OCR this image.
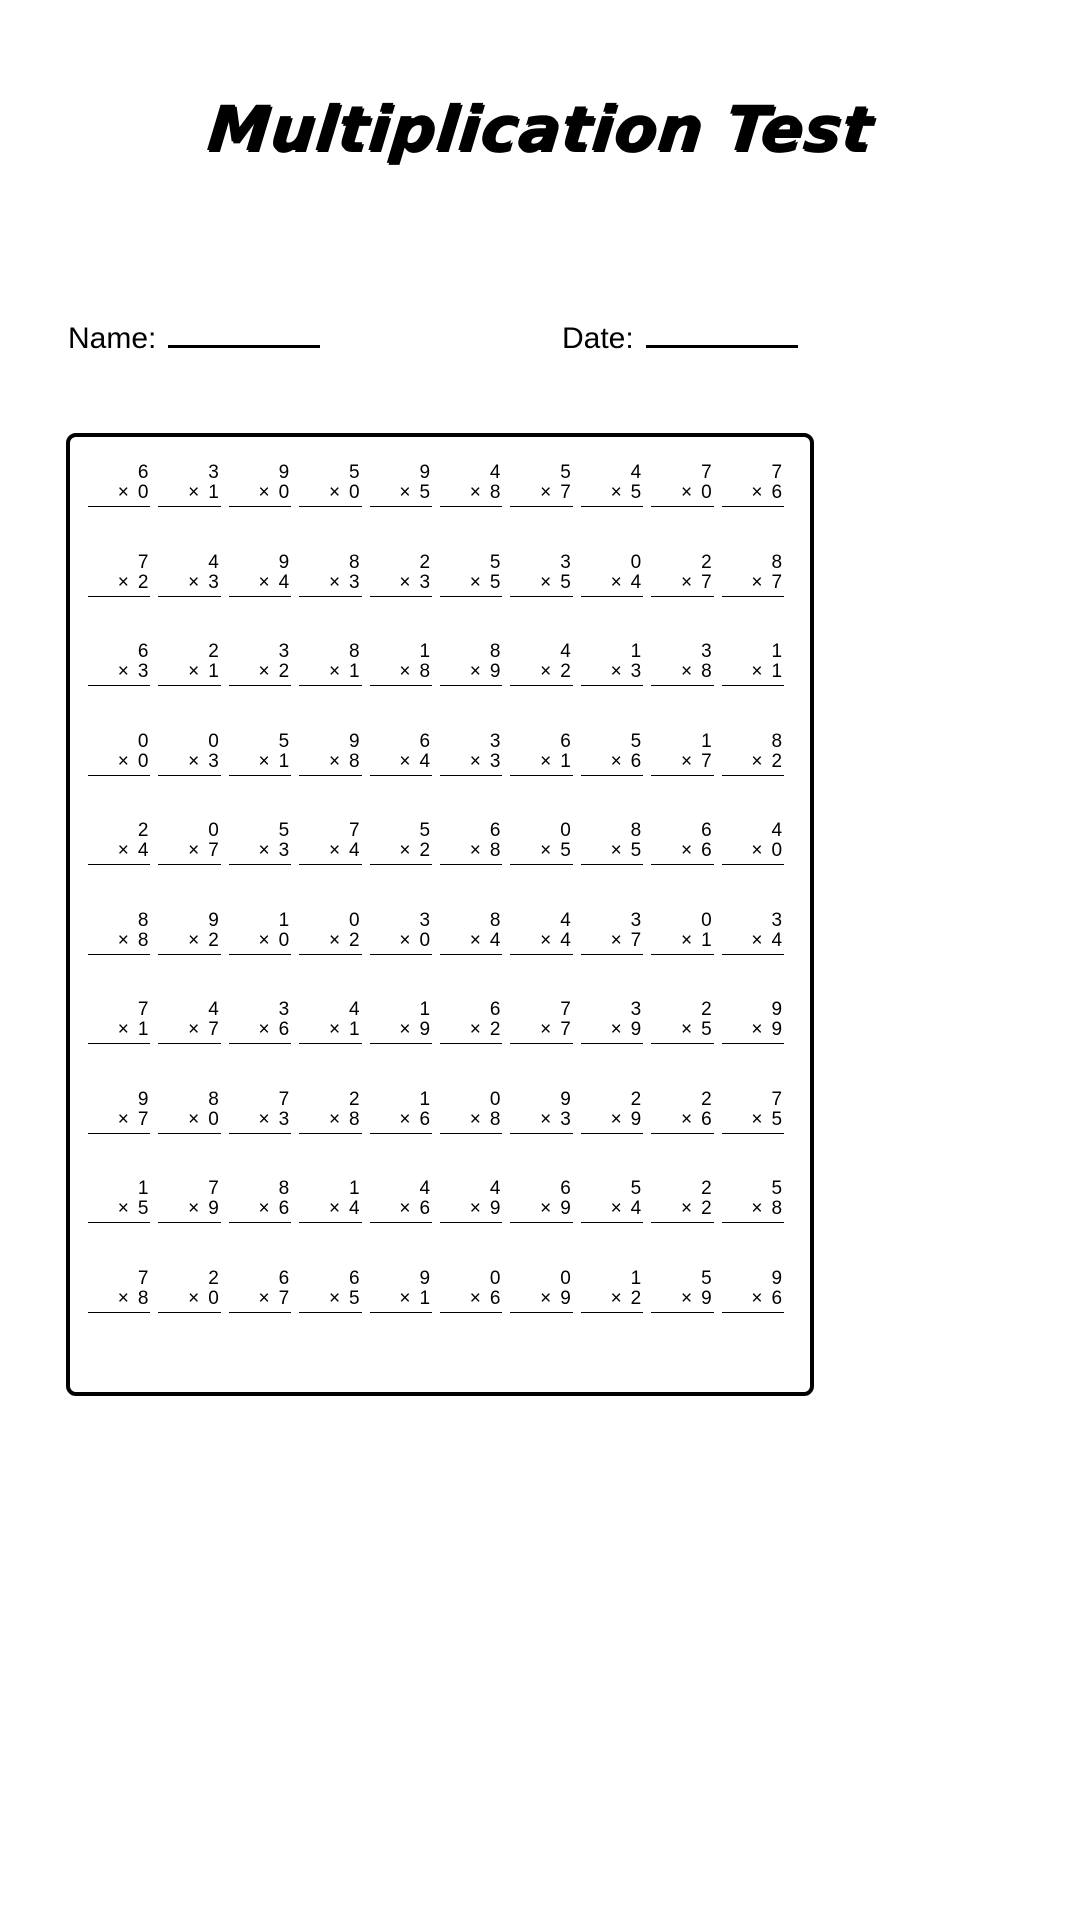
Multiplication Test
Name:	Date:
6
× 0
3
× 1
9
× 0
5
× 0
9
× 5
4
× 8
5
× 7
4
× 5
7
× 0
7
× 6
7
× 2
4
× 3
9
× 4
8
× 3
2
× 3
5
× 5
3
× 5
0
× 4
2
× 7
8
× 7
6
× 3
2
× 1
3
× 2
8
× 1
1
× 8
8
× 9
4
× 2
1
× 3
3
× 8
1
× 1
0
× 0
0
× 3
5
× 1
9
× 8
6
× 4
3
× 3
6
× 1
5
× 6
1
× 7
8
× 2
2
× 4
0
× 7
5
× 3
7
× 4
5
× 2
6
× 8
0
× 5
8
× 5
6
× 6
4
× 0
8
× 8
9
× 2
1
× 0
0
× 2
3
× 0
8
× 4
4
× 4
3
× 7
0
× 1
3
× 4
7
× 1
4
× 7
3
× 6
4
× 1
1
× 9
6
× 2
7
× 7
3
× 9
2
× 5
9
× 9
9
× 7
8
× 0
7
× 3
2
× 8
1
× 6
0
× 8
9
× 3
2
× 9
2
× 6
7
× 5
1
× 5
7
× 9
8
× 6
1
× 4
4
× 6
4
× 9
6
× 9
5
× 4
2
× 2
5
× 8
7
× 8
2
× 0
6
× 7
6
× 5
9
× 1
0
× 6
0
× 9
1
× 2
5
× 9
9
× 6
